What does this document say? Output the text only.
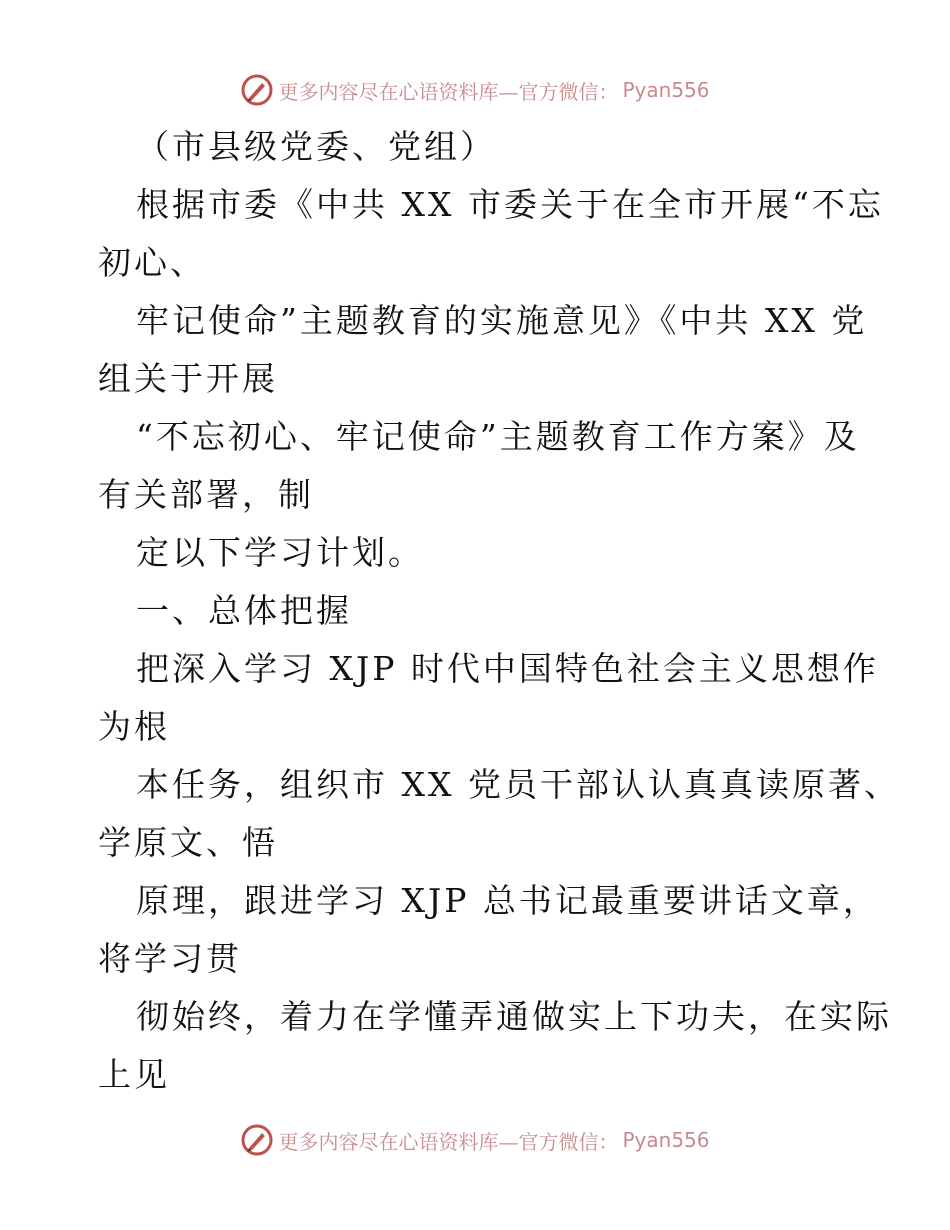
更多内容尽在心语资料库—官方微信： Pyan556
（市县级党委、党组）
根据市委《中共 XX 市委关于在全市开展“不忘
初心、
牢记使命”主题教育的实施意见》《中共 XX 党
组关于开展
“不忘初心、牢记使命”主题教育工作方案》及
有关部署，制
定以下学习计划。
一、总体把握
把深入学习 XJP 时代中国特色社会主义思想作
为根
本任务，组织市 XX 党员干部认认真真读原著、
学原文、悟
原理，跟进学习 XJP 总书记最重要讲话文章，
将学习贯
彻始终，着力在学懂弄通做实上下功夫，在实际
上见
更多内容尽在心语资料库—官方微信： Pyan556
